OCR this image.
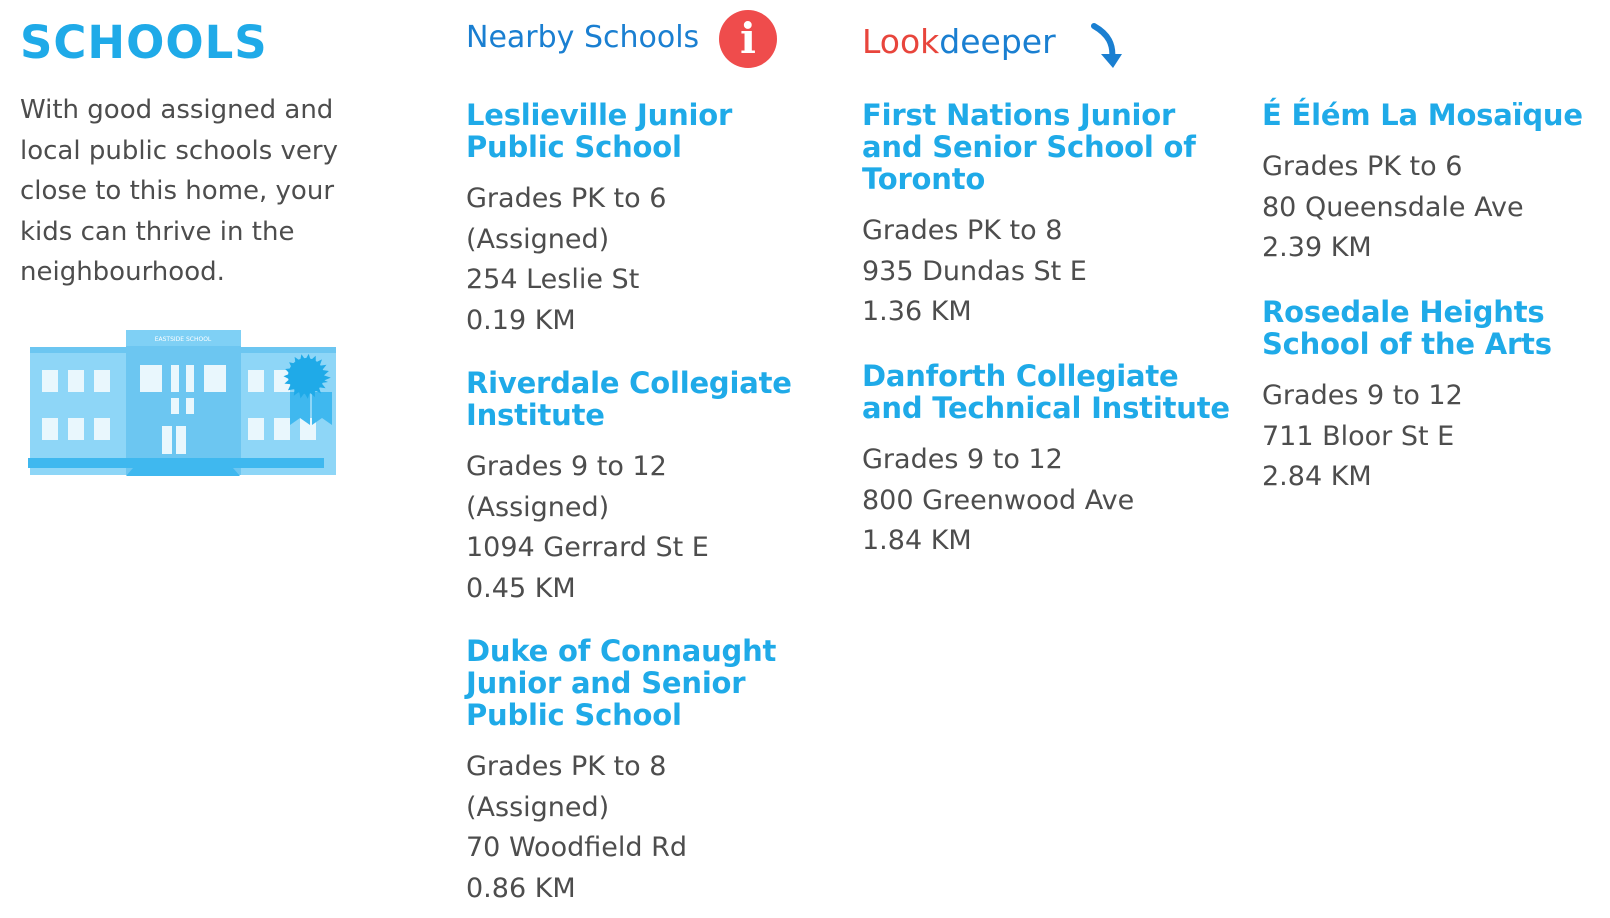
SCHOOLS
With good assigned and
local public schools very
close to this home, your
kids can thrive in the
neighbourhood.
EASTSIDE SCHOOL
Nearby Schools i	Lookdeeper
Leslieville Junior
Public School
Grades PK to 6
(Assigned)
254 Leslie St
0.19 KM
Riverdale Collegiate
Institute
Grades 9 to 12
(Assigned)
1094 Gerrard St E
0.45 KM
Duke of Connaught
Junior and Senior
Public School
Grades PK to 8
(Assigned)
70 Woodfield Rd
0.86 KM
First Nations Junior
and Senior School of
Toronto
Grades PK to 8
935 Dundas St E
1.36 KM
Danforth Collegiate
and Technical Institute
Grades 9 to 12
800 Greenwood Ave
1.84 KM
É Élém La Mosaïque
Grades PK to 6
80 Queensdale Ave
2.39 KM
Rosedale Heights
School of the Arts
Grades 9 to 12
711 Bloor St E
2.84 KM
